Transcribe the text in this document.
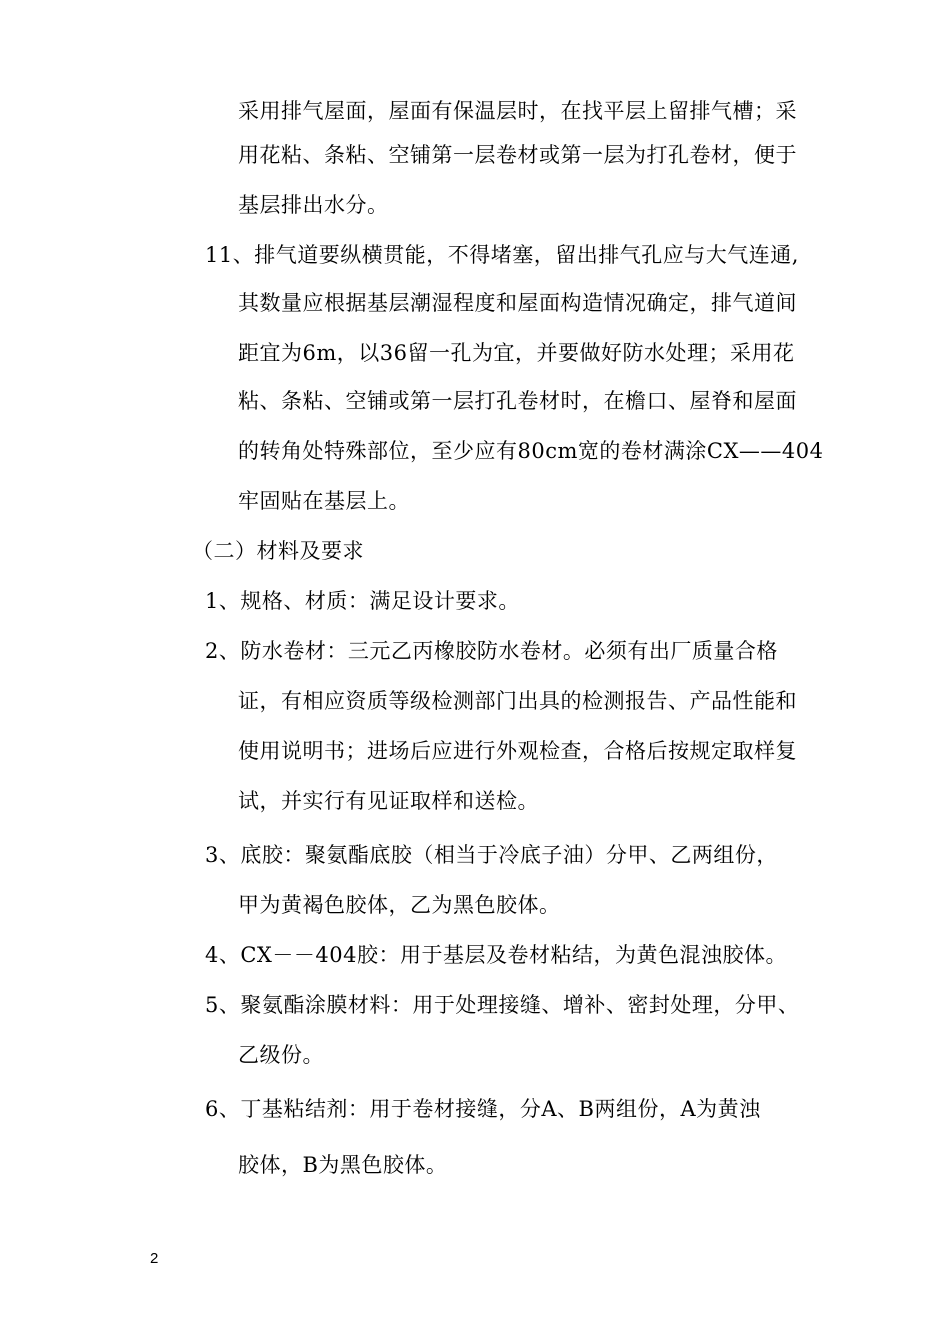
采用排气屋面，屋面有保温层时，在找平层上留排气槽；采
用花粘、条粘、空铺第一层卷材或第一层为打孔卷材，便于
基层排出水分。
11、排气道要纵横贯能，不得堵塞，留出排气孔应与大气连通,
其数量应根据基层潮湿程度和屋面构造情况确定，排气道间
距宜为6m，以36留一孔为宜，并要做好防水处理；采用花
粘、条粘、空铺或第一层打孔卷材时，在檐口、屋脊和屋面
的转角处特殊部位，至少应有80cm宽的卷材满涂CX——404
牢固贴在基层上。
（二）材料及要求
1、规格、材质：满足设计要求。
2、防水卷材：三元乙丙橡胶防水卷材。必须有出厂质量合格
证，有相应资质等级检测部门出具的检测报告、产品性能和
使用说明书；进场后应进行外观检查，合格后按规定取样复
试，并实行有见证取样和送检。
3、底胶：聚氨酯底胶（相当于冷底子油）分甲、乙两组份，
甲为黄褐色胶体，乙为黑色胶体。
4、CX－－404胶：用于基层及卷材粘结，为黄色混浊胶体。
5、聚氨酯涂膜材料：用于处理接缝、增补、密封处理，分甲、
乙级份。
6、丁基粘结剂：用于卷材接缝，分A、B两组份，A为黄浊
胶体，B为黑色胶体。
2
